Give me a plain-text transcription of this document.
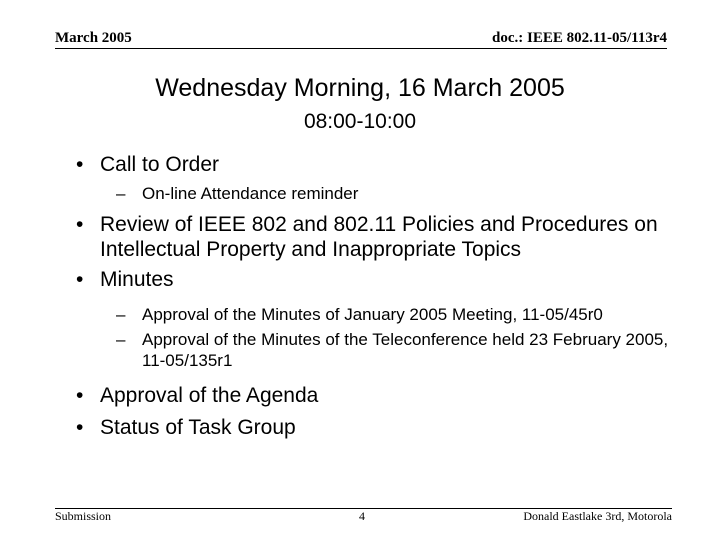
March 2005	doc.: IEEE 802.11-05/113r4
Wednesday Morning, 16 March 2005
08:00-10:00
• Call to Order
– On-line Attendance reminder
• Review of IEEE 802 and 802.11 Policies and Procedures on Intellectual Property and Inappropriate Topics
• Minutes
– Approval of the Minutes of January 2005 Meeting, 11-05/45r0
– Approval of the Minutes of the Teleconference held 23 February 2005, 11-05/135r1
• Approval of the Agenda
• Status of Task Group
Submission	4	Donald Eastlake 3rd, Motorola
